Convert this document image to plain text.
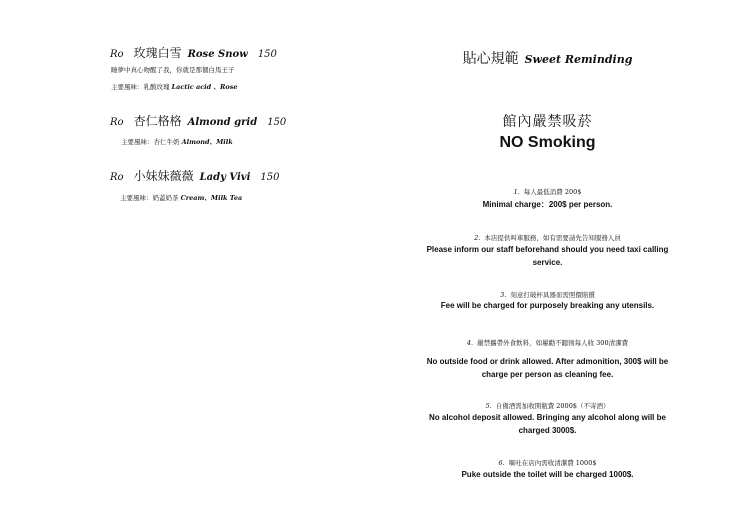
Ro 玫瑰白雪 Rose Snow 150
睡夢中真心吻醒了我，你就是那個白馬王子
主要風味：乳酸玫瑰 Lactic acid 、Rose
Ro 杏仁格格 Almond grid 150
主要風味：杏仁牛奶 Almond、Milk
Ro 小妹妹薇薇 Lady Vivi 150
主要風味：奶蓋奶茶 Cream、Milk Tea
貼心規範 Sweet Reminding
館內嚴禁吸菸
NO Smoking
1. 每人最低消費 200$
Minimal charge：200$ per person.
2. 本店提供叫車服務，如有需要請先告知服務人員
Please inform our staff beforehand should you need taxi calling service.
3. 刻意打破杯具器皿需照價賠償
Fee will be charged for purposely breaking any utensils.
4. 嚴禁攜帶外食飲料，如屢勸不聽則每人收 300清潔費
No outside food or drink allowed. After admonition, 300$ will be charge per person as cleaning fee.
5. 自備酒需加收開瓶費 2000$（不寄酒）
No alcohol deposit allowed. Bringing any alcohol along will be charged 3000$.
6. 嘔吐在店內需收清潔費 1000$
Puke outside the toilet will be charged 1000$.
